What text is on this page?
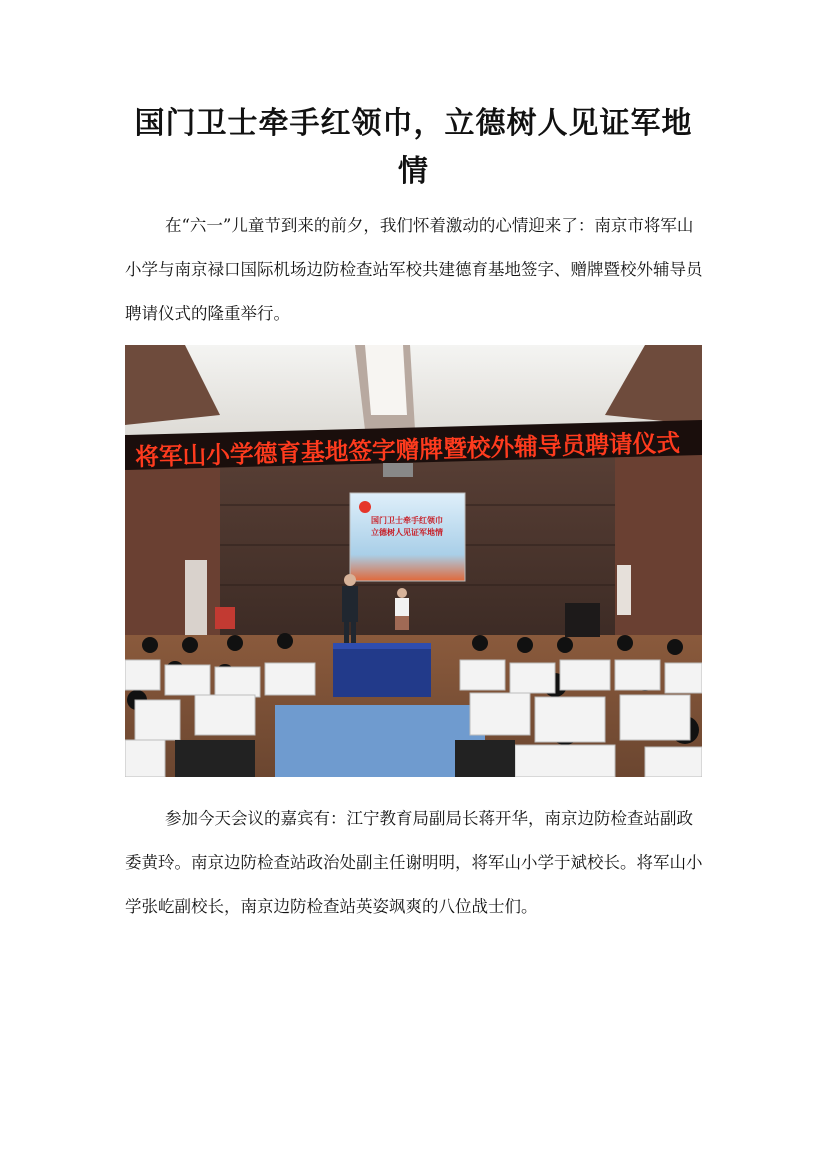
国门卫士牵手红领巾，立德树人见证军地情

在“六一”儿童节到来的前夕，我们怀着激动的心情迎来了：南京市将军山小学与南京禄口国际机场边防检查站军校共建德育基地签字、赠牌暨校外辅导员聘请仪式的隆重举行。

将军山小学德育基地签字赠牌暨校外辅导员聘请仪式
国门卫士牵手红领巾
立德树人见证军地情

参加今天会议的嘉宾有：江宁教育局副局长蒋开华，南京边防检查站副政委黄玲。南京边防检查站政治处副主任谢明明，将军山小学于斌校长。将军山小学张屹副校长，南京边防检查站英姿飒爽的八位战士们。
